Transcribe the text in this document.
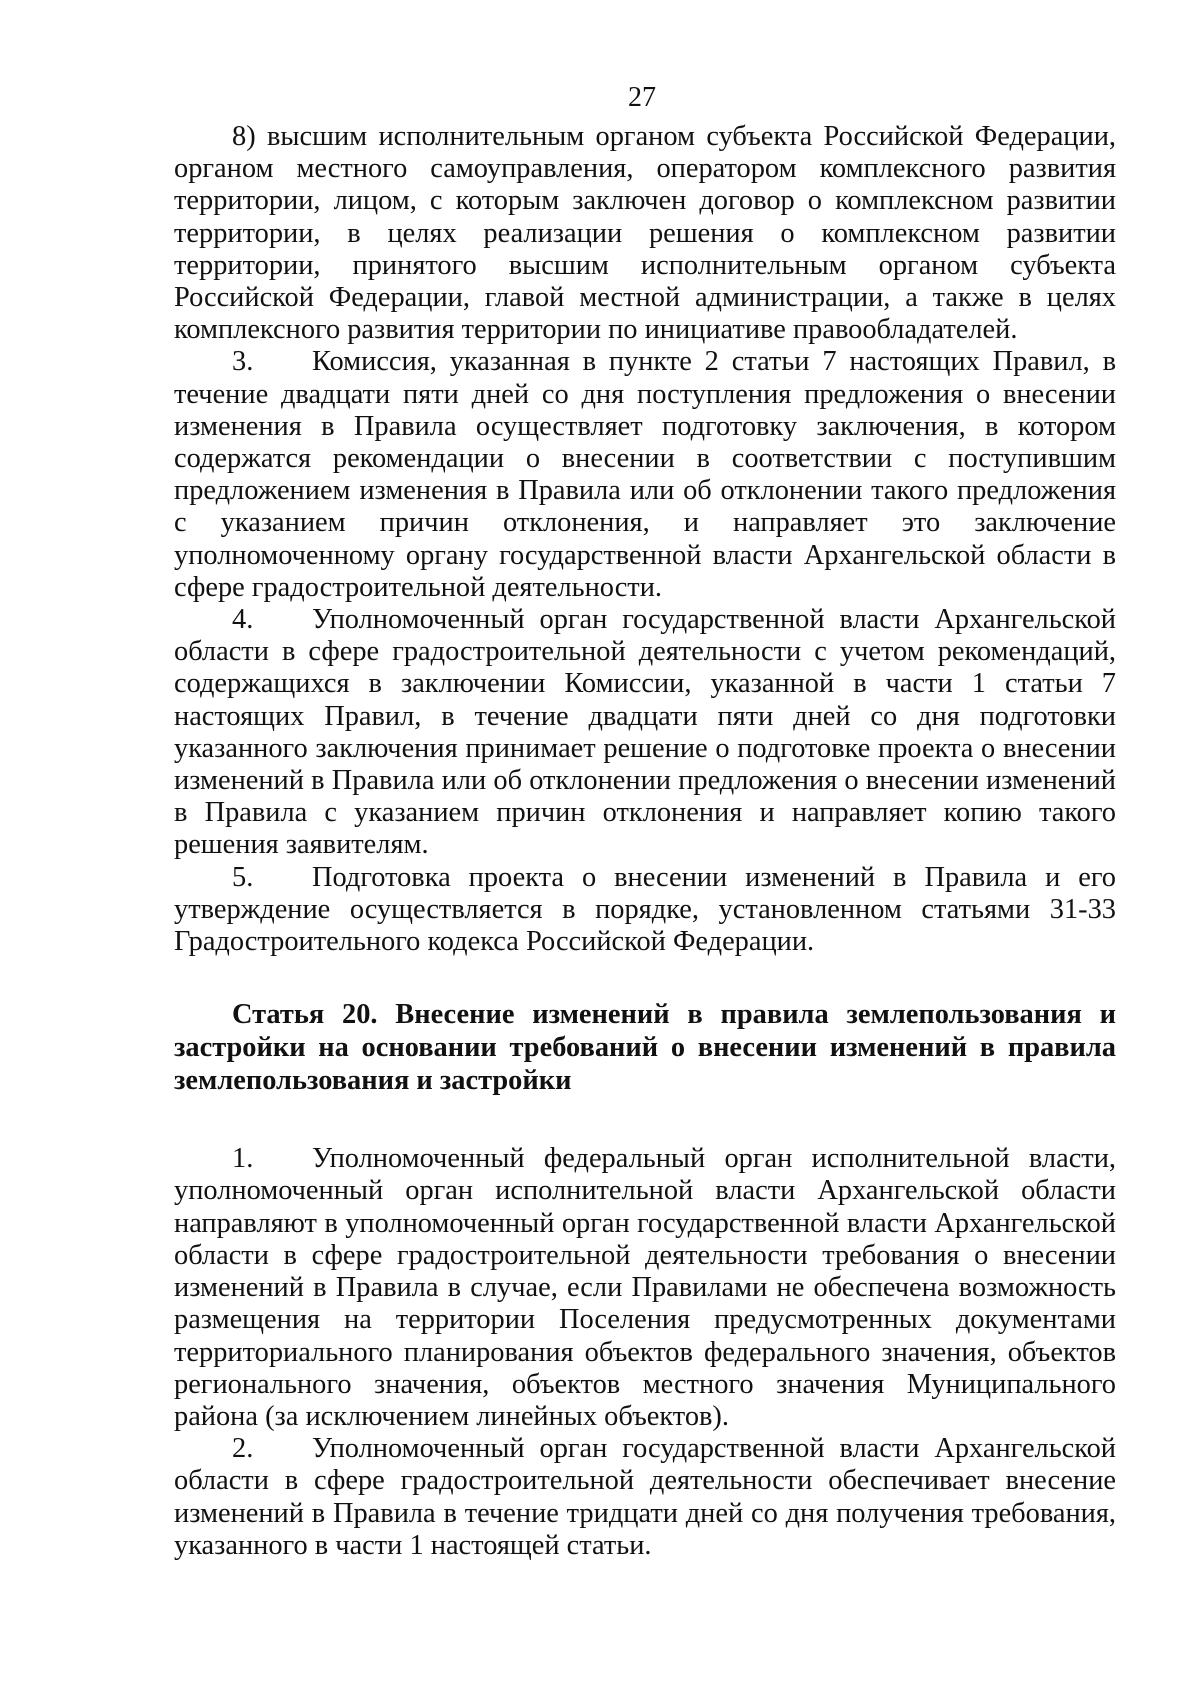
27

8) высшим исполнительным органом субъекта Российской Федерации, органом местного самоуправления, оператором комплексного развития территории, лицом, с которым заключен договор о комплексном развитии территории, в целях реализации решения о комплексном развитии территории, принятого высшим исполнительным органом субъекта Российской Федерации, главой местной администрации, а также в целях комплексного развития территории по инициативе правообладателей.

3. Комиссия, указанная в пункте 2 статьи 7 настоящих Правил, в течение двадцати пяти дней со дня поступления предложения о внесении изменения в Правила осуществляет подготовку заключения, в котором содержатся рекомендации о внесении в соответствии с поступившим предложением изменения в Правила или об отклонении такого предложения с указанием причин отклонения, и направляет это заключение уполномоченному органу государственной власти Архангельской области в сфере градостроительной деятельности.

4. Уполномоченный орган государственной власти Архангельской области в сфере градостроительной деятельности с учетом рекомендаций, содержащихся в заключении Комиссии, указанной в части 1 статьи 7 настоящих Правил, в течение двадцати пяти дней со дня подготовки указанного заключения принимает решение о подготовке проекта о внесении изменений в Правила или об отклонении предложения о внесении изменений в Правила с указанием причин отклонения и направляет копию такого решения заявителям.

5. Подготовка проекта о внесении изменений в Правила и его утверждение осуществляется в порядке, установленном статьями 31-33 Градостроительного кодекса Российской Федерации.

Статья 20. Внесение изменений в правила землепользования и застройки на основании требований о внесении изменений в правила землепользования и застройки

1. Уполномоченный федеральный орган исполнительной власти, уполномоченный орган исполнительной власти Архангельской области направляют в уполномоченный орган государственной власти Архангельской области в сфере градостроительной деятельности требования о внесении изменений в Правила в случае, если Правилами не обеспечена возможность размещения на территории Поселения предусмотренных документами территориального планирования объектов федерального значения, объектов регионального значения, объектов местного значения Муниципального района (за исключением линейных объектов).

2. Уполномоченный орган государственной власти Архангельской области в сфере градостроительной деятельности обеспечивает внесение изменений в Правила в течение тридцати дней со дня получения требования, указанного в части 1 настоящей статьи.
